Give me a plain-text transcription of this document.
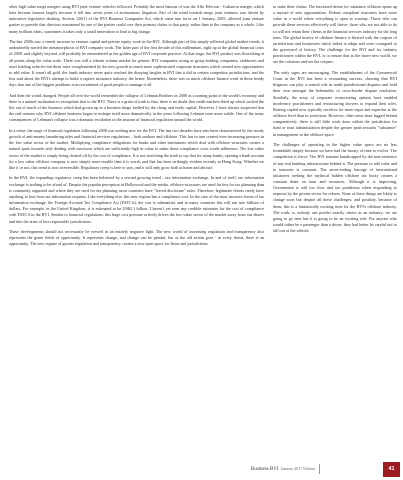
other high value mega mergers using BVI joint venture vehicles followed. Probably the most famous of was the Alfa Telecom - Cukurova merger, which later became famous largely because it fell into seven years of acrimonious litigation. Part of the trend towards mega joint ventures was driven by innovative legislative drafting. Section 120(1) of the BVI Business Companies Act, which came into force on 1 January, 2005, allowed joint venture parties to provide that directors nominated by one of the parties could owe their primary duties to that party, rather than to the company as a whole. Like many brilliant ideas, sometimes it takes only a small innovation to lead to big change.

The late 2000s saw a steady increase in venture capital and private equity work in the BVI. Although part of this simply reflected global market trends, it undoubtedly started the metamorphosis of BVI company work. The latter part of the first decade of this millennium, right up to the global financial crisis of 2008, and slightly beyond, will probably be remembered as the golden age of BVI corporate practice. At that stage, the BVI product was flourishing at all points along the value scale. There was still a vibrant volume market for generic BVI companies acting as group holding companies, cashboxes and asset holding vehicles but these were complemented by the new growth in much more sophisticated corporate structures which created new opportunities to add value. It wasn't all gold, the funds industry never quite reached the dizzying heights in BVI that it did in certain competitor jurisdictions, and the less said about the BVI's attempt to build a captive insurance industry, the better. Nonetheless, there was so much offshore finance work in those heady days that one of the biggest problems was recruitment of good people to manage it all.

And then the world changed. People all over the world remember the collapse of Lehman Brothers in 2008 as a turning point in the world's economy and there is a natural inclination to extrapolate that to the BVI. There is a grain of truth to that; there is no doubt that credit markets dried up which sucked the life out of much of the business which had grown up in a business binge fuelled by the cheap and ready capital. However, I have always suspected that the real reasons why BVI offshore business began to reshape itself more dramatically in the years following Lehman were more subtle. One of the many consequences of Lehman's collapse was a dramatic escalation in the amount of financial regulation around the world.

In a sense, the surge of financial regulation following 2008 was nothing new for the BVI. The last two decades have also been characterised by the steady growth of anti-money laundering rules and financial services regulations – both onshore and offshore. This has in turn created ever-increasing pressure in the low value sector of the market. Multiplying compliance obligations for banks and other institutions which deal with offshore structures creates a natural push towards only dealing with structures which are sufficiently high in value to make those compliance costs worth adherence. The low value sector of the market is simply being choked off by the cost of compliance. It is not stretching the truth to say that for many banks, opening a bank account for a low value offshore company is now simply more trouble than it is worth, and that has been strikingly evident recently in Hong Kong. Whether we like it or not, this trend is now irreversible. Regulatory creep is here to stay, and it will only grow both at home and abroad.

In the BVI, the expanding regulatory creep has been bolstered by a second growing trend – tax information exchange. In and of itself, tax information exchange is nothing to be afraid of. Despite the popular perception in Hollywood and the media, offshore structures are used far less for tax planning than is commonly supposed and where they are used for tax planning, most countries have "forced disclosure" rules. Therefore, legitimate clients rarely have anything to fear from tax information requests. Like everything else, this new regime has a compliance cost. In the case of the most invasive forms of tax information exchange, the Foreign Account Tax Compliance Act (FATCA), the cost is substantial, and in many countries this will run into billions of dollars. For example, in the United Kingdom, it is estimated to be US$2.1 billion. I haven't yet seen any credible estimates for the cost of compliance with FATCA in the BVI. Similar to financial regulations, this huge cost pressure actively drives the low value sector of the market away from our shores and into the arms of less responsible jurisdictions.

These developments should not necessarily be viewed in an entirely negative light. The new world of increasing regulation and transparency also represents the green fields of opportunity. It represents change, and change can be painful, but as the old axiom goes - in every threat, there is an opportunity. The new regime of greater regulation and transparency creates a new open space for firms and jurisdictions

to stake their claims. The increased desire for substance offshore opens up a myriad of new opportunities. Robust compliant structures have more value in a world where everything is open to scrutiny. Those who can provide these services effectively will thrive; those who are not able to do so will not retain their clients in the financial services industry for the long term. The global history of offshore finance is littered with the corpses of jurisdictions and businesses which failed to adapt and were consigned to the graveyard of history. The challenge for the BVI and for industry practitioners within the BVI, is to ensure that as the brave new world, we are the colonists and not the corpses.

The early signs are encouraging. The establishment of the Commercial Court in the BVI has been a resounding success, showing that BVI litigators can play a central role in multi-jurisdictional disputes and hold their own amongst the behemoths of cross-border dispute resolution. Similarly, the array of corporate restructuring options have enabled insolvency practitioners and restructuring lawyers to expand their roles. Raising capital now typically involves far more input and expertise at the offshore level than in yesteryear. However, other areas have lagged behind comparatively; there is still little work done within the jurisdiction for fund or trust administration despite the greater push towards "substance" in management in the offshore space.

The challenges of operating in the higher value space are no less formidable simply because we have had the luxury of time to evolve. The competition is fierce. The BVI remains handicapped by the non-existence of any real banking infrastructure behind it. The pressure to add value and to innovate is constant. The never-ending barrage of international initiatives seeking the mythical hidden offshore tax booty creates a constant drain on time and resources. Although it is improving, Government is still too slow and too ponderous when responding to requests by the private sector for reform. None of these things are likely to change soon but despite all these challenges, and possibly, because of them, this is a fantastically exciting time for the BVI's offshore industry. The truth, is, nobody can predict exactly where as an industry, we are going to go next but it is going to be an exciting ride. For anyone who would rather be a passenger than a driver, they had better be careful not to fall out of the vehicle.

Business BVI January 2017 Edition	41
